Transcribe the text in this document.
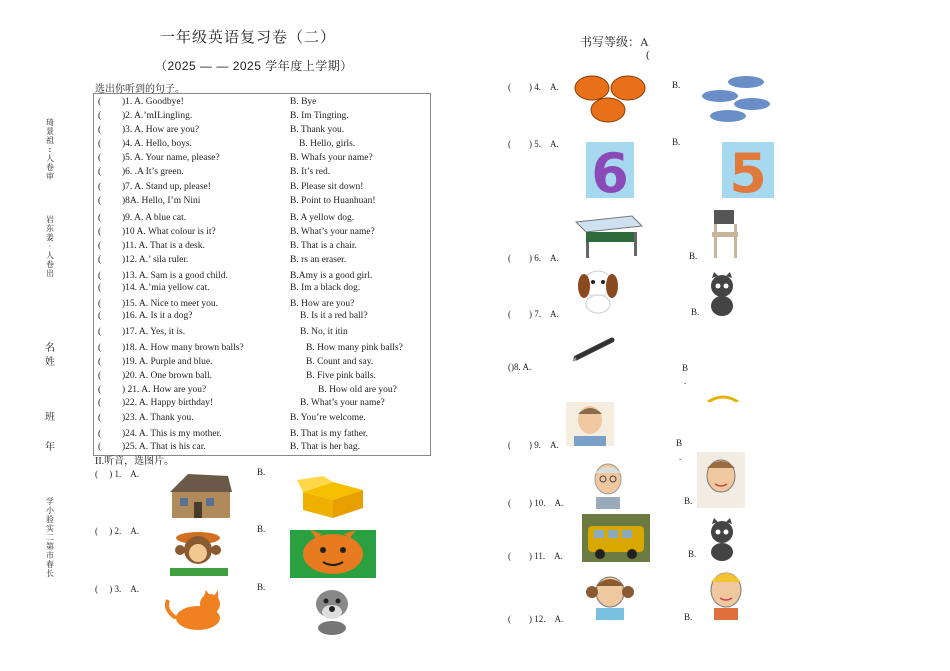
一年级英语复习卷（二）
（2025 — — 2025 学年度上学期）
书写等级：A
(
琦
景
祖
:
人
卷
审
岩
东
姜
·
人
卷
出
名
姓
班
年
学
小
验
实
二
第
市
春
长
选出你听到的句子。
( )1. A. Goodbye!	B. Bye
( )2. A.’mILingling.	B. Im Tingting.
( )3. A. How are you?	B. Thank you.
( )4. A. Hello, boys.	B. Hello, girls.
( )5. A. Your name, please?	B. Whafs your name?
( )6. .A It’s green.	B. It’s red.
( )7. A. Stand up, please!	B. Please sit down!
( )8A. Hello, I’m Nini	B. Point to Huanhuan!
( )9. A. A blue cat.	B. A yellow dog.
( )10 A. What colour is it?	B. What’s your name?
( )11. A. That is a desk.	B. That is a chair.
( )12. A.’ sila ruler.	B. rs an eraser.
( )13. A. Sam is a good child.	B.Amy is a good girl.
( )14. A.’mia yellow cat.	B. Im a black dog.
( )15. A. Nice to meet you.	B. How are you?
( )16. A. Is it a dog?	B. Is it a red ball?
( )17. A. Yes, it is.	B. No, it itin
( )18. A. How many brown balls?	B. How many pink balls?
( )19. A. Purple and blue.	B. Count and say.
( )20. A. One brown ball.	B. Five pink balls.
( ) 21. A. How are you?	B. How old are you?
( )22. A. Happy birthday!	B. What’s your name?
( )23. A. Thank you.	B. You’re welcome.
( )24. A. This is my mother.	B. That is my father.
( )25. A. That is his car.	B. That is her bag.
II.听音，选图片。
(　 ) 1.　A.	B.
(　 ) 2.　A.	B.
(　 ) 3.　A.	B.
(　　) 4.　A.	B.
(　　) 5.　A.	B.
(　　) 6.　A.	B.
(　　) 7.　A.	B.
()8. A.	B
.
(　　) 9.　A.	B
.
(　　) 10.　A.	B.
(　　) 11.　A.	B.
(　　) 12.　A.	B.
6 5
